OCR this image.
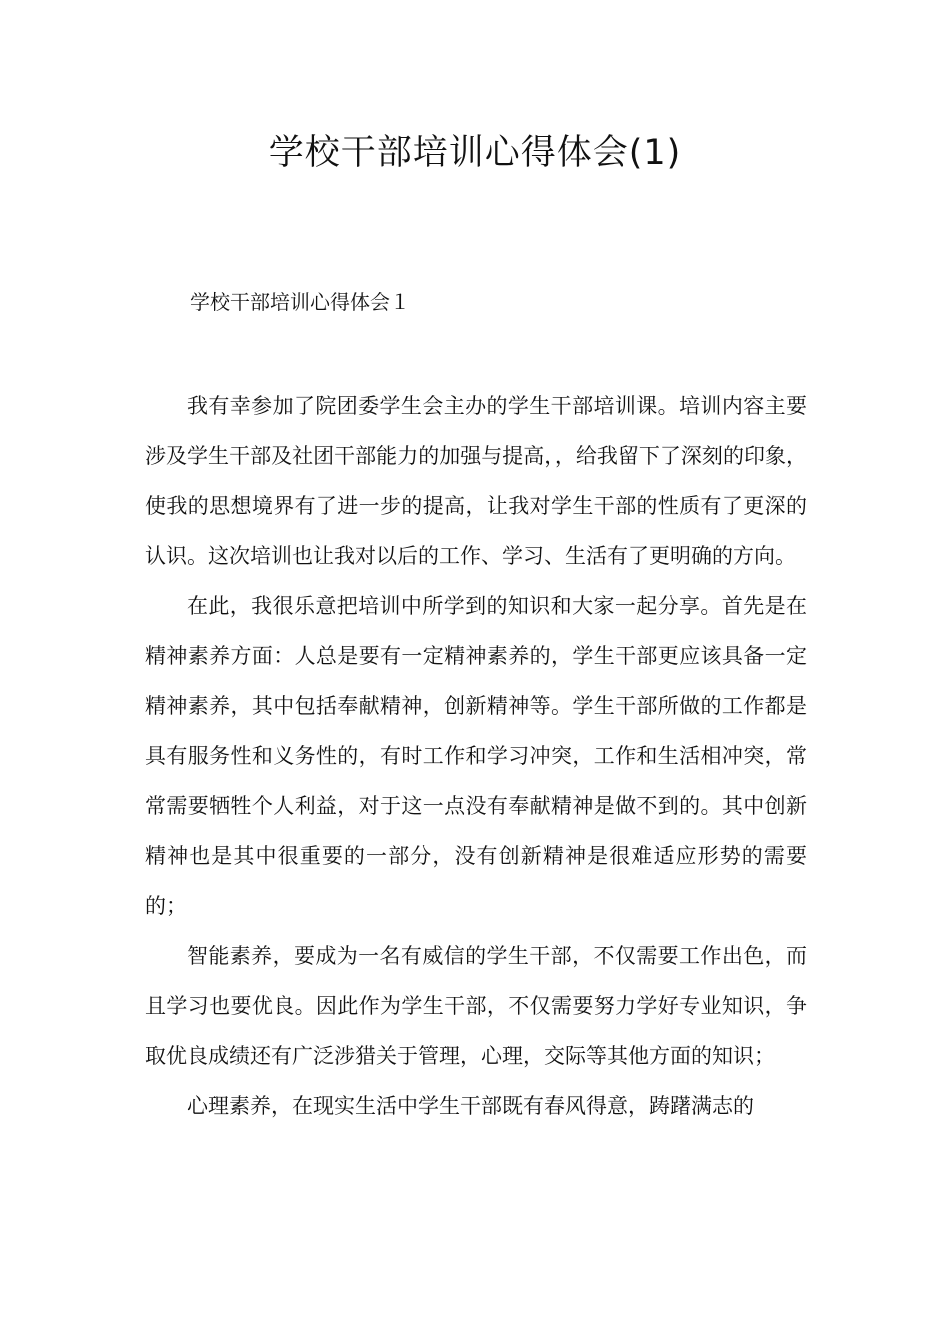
学校干部培训心得体会(1)
学校干部培训心得体会１

我有幸参加了院团委学生会主办的学生干部培训课。培训内容主要涉及学生干部及社团干部能力的加强与提高，，给我留下了深刻的印象，使我的思想境界有了进一步的提高，让我对学生干部的性质有了更深的认识。这次培训也让我对以后的工作、学习、生活有了更明确的方向。

在此，我很乐意把培训中所学到的知识和大家一起分享。首先是在精神素养方面：人总是要有一定精神素养的，学生干部更应该具备一定精神素养，其中包括奉献精神，创新精神等。学生干部所做的工作都是具有服务性和义务性的，有时工作和学习冲突，工作和生活相冲突，常常需要牺牲个人利益，对于这一点没有奉献精神是做不到的。其中创新精神也是其中很重要的一部分，没有创新精神是很难适应形势的需要的；

智能素养，要成为一名有威信的学生干部，不仅需要工作出色，而且学习也要优良。因此作为学生干部，不仅需要努力学好专业知识，争取优良成绩还有广泛涉猎关于管理，心理，交际等其他方面的知识；

心理素养，在现实生活中学生干部既有春风得意，踌躇满志的
